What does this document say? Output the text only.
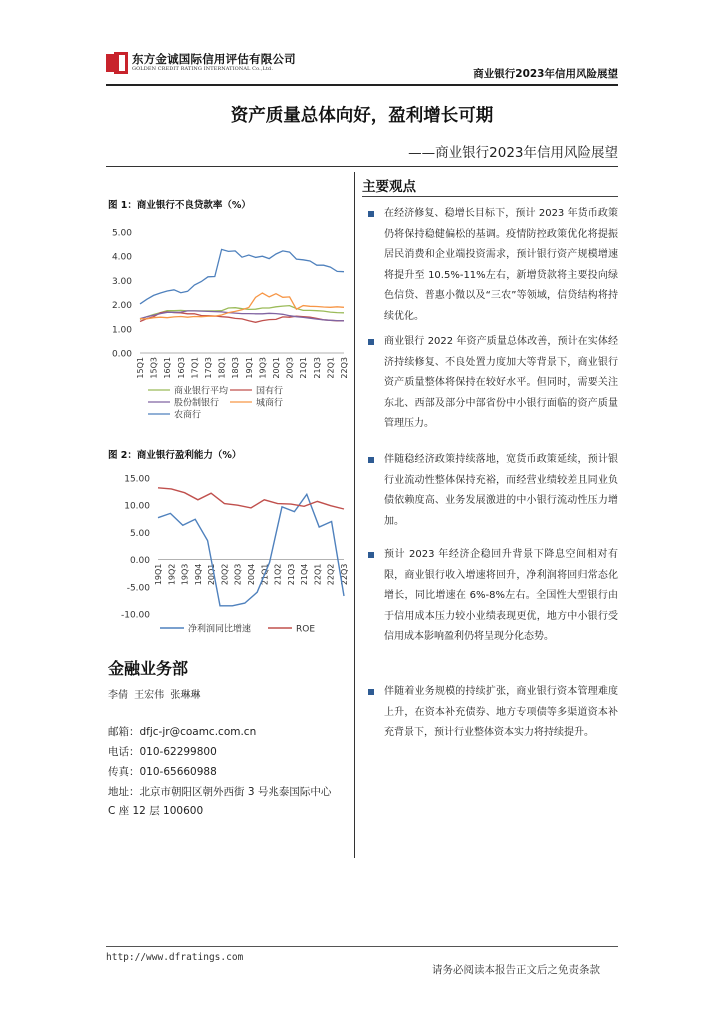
东方金诚国际信用评估有限公司
GOLDEN CREDIT RATING INTERNATIONAL Co.,Ltd.	商业银行2023年信用风险展望
资产质量总体向好，盈利增长可期
——商业银行2023年信用风险展望
图 1：商业银行不良贷款率（%）
0.00
1.00
2.00
3.00
4.00
5.00
15Q1 15Q3 16Q1 16Q3 17Q1 17Q3 18Q1 18Q3 19Q1 19Q3 20Q1 20Q3 21Q1 21Q3 22Q1 22Q3
商业银行平均	国有行
股份制银行	城商行
农商行
图 2：商业银行盈利能力（%）
-10.00
-5.00
0.00
5.00
10.00
15.00
19Q1 19Q2 19Q3 19Q4 20Q1 20Q2 20Q3 20Q4 21Q1 21Q2 21Q3 21Q4 22Q1 22Q2 22Q3
净利润同比增速	ROE
金融业务部
李倩 王宏伟 张琳琳
邮箱：dfjc-jr@coamc.com.cn
电话：010-62299800
传真：010-65660988
地址：北京市朝阳区朝外西街 3 号兆泰国际中心
C 座 12 层 100600
主要观点
在经济修复、稳增长目标下，预计 2023 年货币政策仍将保持稳健偏松的基调。疫情防控政策优化将提振居民消费和企业端投资需求，预计银行资产规模增速将提升至 10.5%-11%左右，新增贷款将主要投向绿色信贷、普惠小微以及“三农”等领域，信贷结构将持续优化。
商业银行 2022 年资产质量总体改善，预计在实体经济持续修复、不良处置力度加大等背景下，商业银行资产质量整体将保持在较好水平。但同时，需要关注东北、西部及部分中部省份中小银行面临的资产质量管理压力。
伴随稳经济政策持续落地，宽货币政策延续，预计银行业流动性整体保持充裕，而经营业绩较差且同业负债依赖度高、业务发展激进的中小银行流动性压力增加。
预计 2023 年经济企稳回升背景下降息空间相对有限，商业银行收入增速将回升，净利润将回归常态化增长，同比增速在 6%-8%左右。全国性大型银行由于信用成本压力较小业绩表现更优，地方中小银行受信用成本影响盈利仍将呈现分化态势。
伴随着业务规模的持续扩张，商业银行资本管理难度上升，在资本补充债券、地方专项债等多渠道资本补充背景下，预计行业整体资本实力将持续提升。
http://www.dfratings.com
请务必阅读本报告正文后之免责条款
